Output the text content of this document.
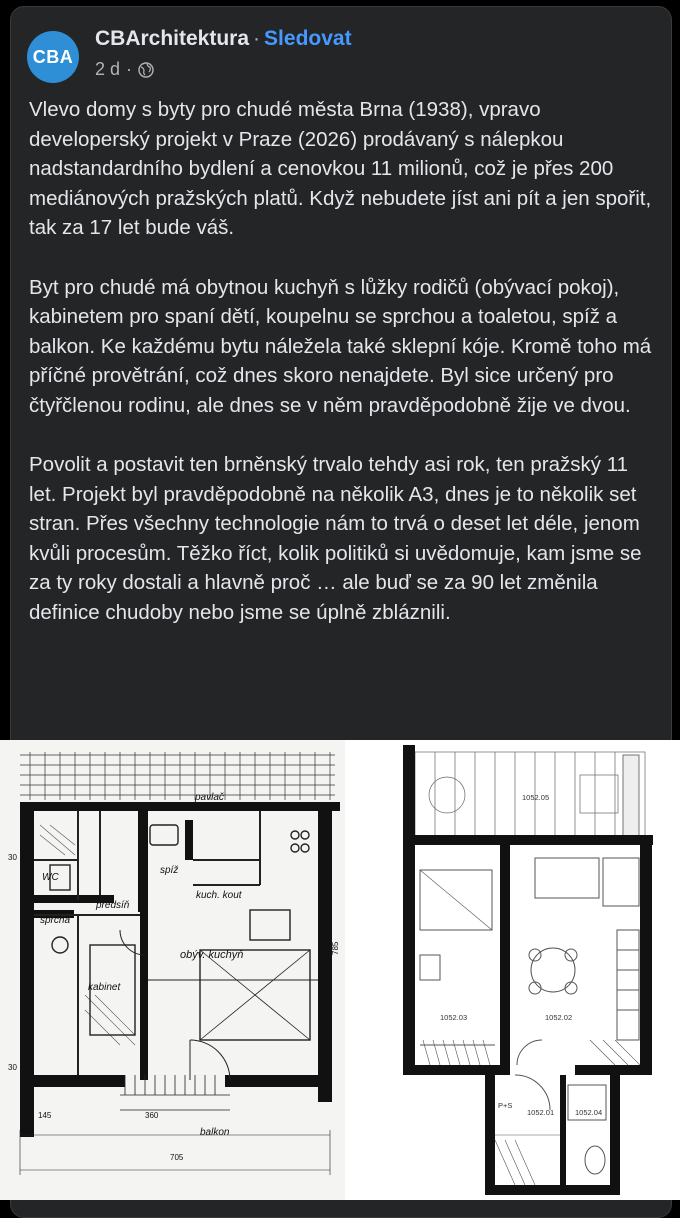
CBA
CBArchitektura · Sledovat
2 d ·

Vlevo domy s byty pro chudé města Brna (1938), vpravo developerský projekt v Praze (2026) prodávaný s nálepkou nadstandardního bydlení a cenovkou 11 milionů, což je přes 200 mediánových pražských platů. Když nebudete jíst ani pít a jen spořit, tak za 17 let bude váš.

Byt pro chudé má obytnou kuchyň s lůžky rodičů (obývací pokoj), kabinetem pro spaní dětí, koupelnu se sprchou a toaletou, spíž a balkon. Ke každému bytu náležela také sklepní kóje. Kromě toho má příčné provětrání, což dnes skoro nenajdete. Byl sice určený pro čtyřčlenou rodinu, ale dnes se v něm pravděpodobně žije ve dvou.

Povolit a postavit ten brněnský trvalo tehdy asi rok, ten pražský 11 let. Projekt byl pravděpodobně na několik A3, dnes je to několik set stran. Přes všechny technologie nám to trvá o deset let déle, jenom kvůli procesům. Těžko říct, kolik politiků si uvědomuje, kam jsme se za ty roky dostali a hlavně proč … ale buď se za 90 let změnila definice chudoby nebo jsme se úplně zbláznili.

pavlač
spíž
kuch. kout
předsíň
sprcha
WC
obýv. kuchyň
kabinet
balkon
145	360
705
785
30
30
1052.05
1052.03	1052.02
1052.01	1052.04
P+S
